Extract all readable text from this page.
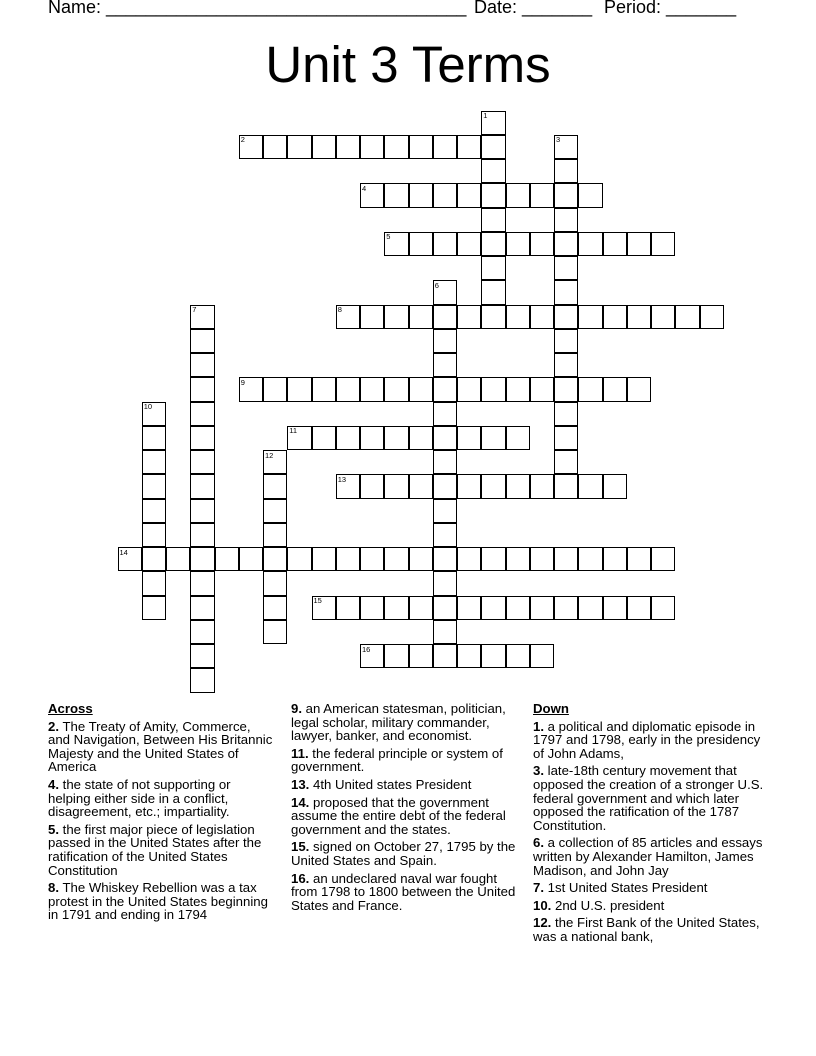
Name: ____________________________________ Date: _______ Period: _______
Unit 3 Terms
1
2	3
4
5
6
7	8
9
10
11
12
13
14
15
16
Across
2. The Treaty of Amity, Commerce, and Navigation, Between His Britannic Majesty and the United States of America
4. the state of not supporting or helping either side in a conflict, disagreement, etc.; impartiality.
5. the first major piece of legislation passed in the United States after the ratification of the United States Constitution
8. The Whiskey Rebellion was a tax protest in the United States beginning in 1791 and ending in 1794
9. an American statesman, politician, legal scholar, military commander, lawyer, banker, and economist.
11. the federal principle or system of government.
13. 4th United states President
14. proposed that the government assume the entire debt of the federal government and the states.
15. signed on October 27, 1795 by the United States and Spain.
16. an undeclared naval war fought from 1798 to 1800 between the United States and France.
Down
1. a political and diplomatic episode in 1797 and 1798, early in the presidency of John Adams,
3. late-18th century movement that opposed the creation of a stronger U.S. federal government and which later opposed the ratification of the 1787 Constitution.
6. a collection of 85 articles and essays written by Alexander Hamilton, James Madison, and John Jay
7. 1st United States President
10. 2nd U.S. president
12. the First Bank of the United States, was a national bank,
